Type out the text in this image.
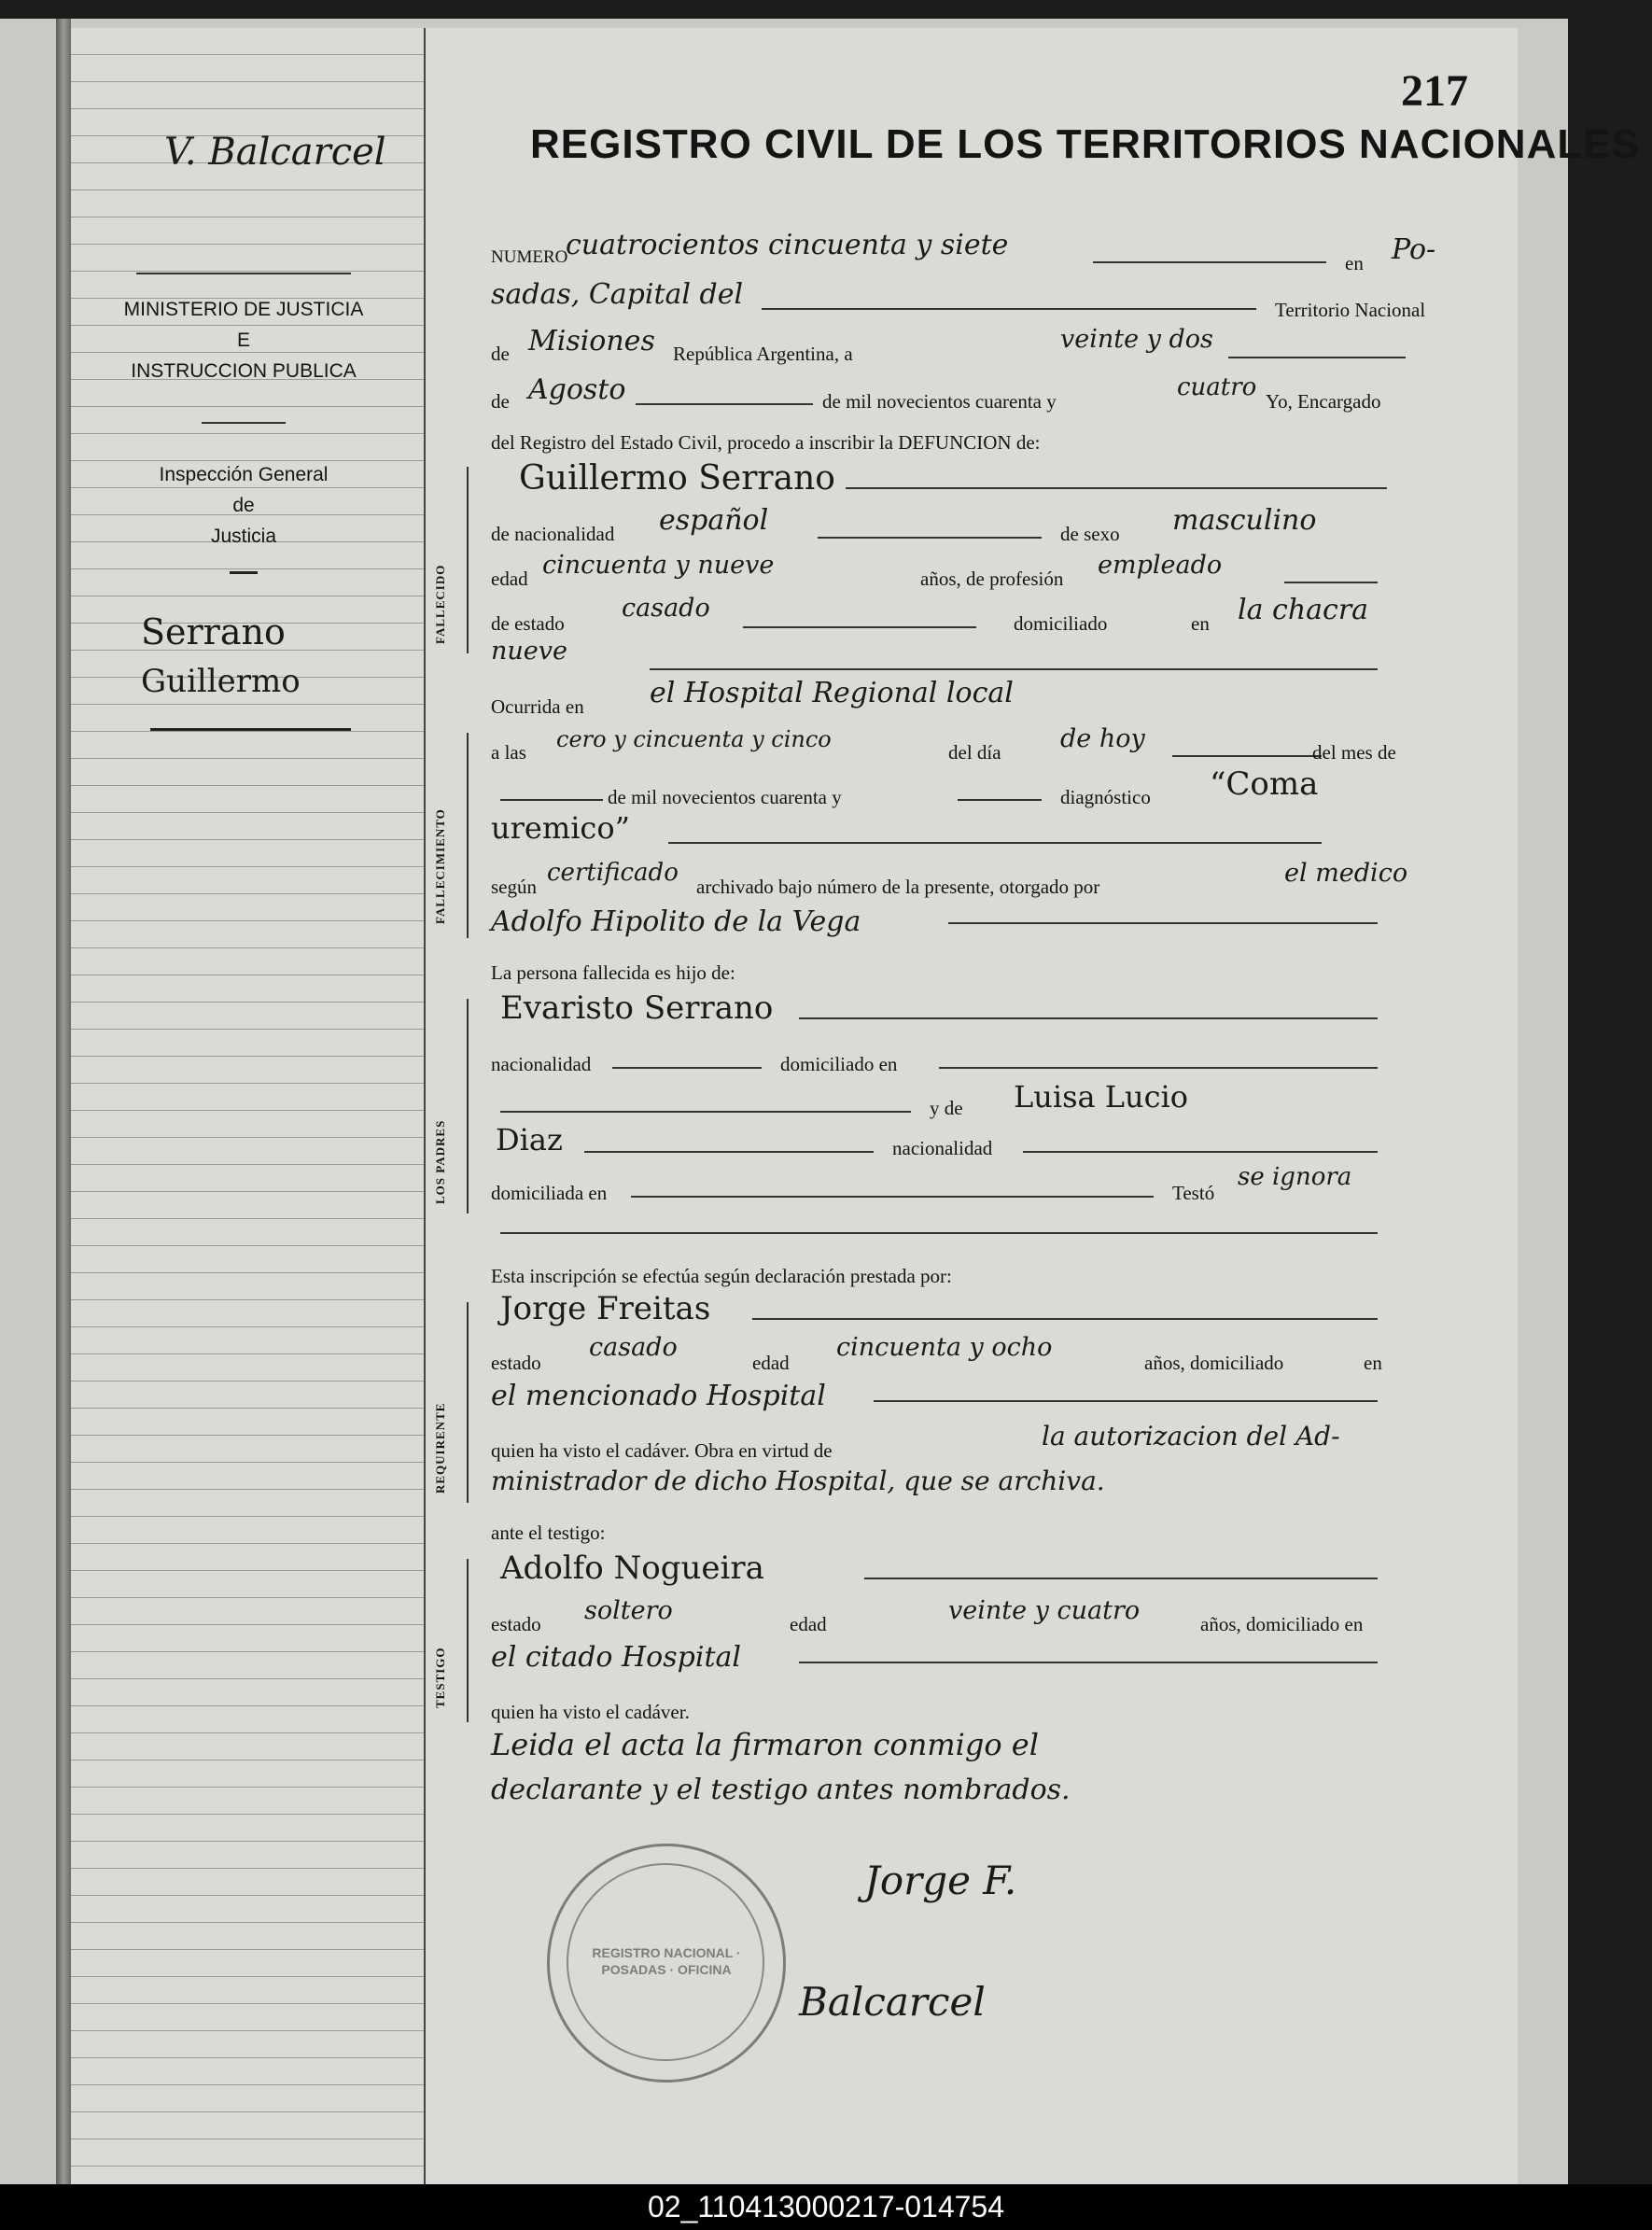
V. Balcarcel
MINISTERIO DE JUSTICIA
E
INSTRUCCION PUBLICA
Inspección General
de
Justicia
Serrano
Guillermo
217
REGISTRO CIVIL DE LOS TERRITORIOS NACIONALES
NUMERO
cuatrocientos cincuenta y siete
en Po-
sadas, Capital del	Territorio Nacional
de Misiones República Argentina, a	veinte y dos
de Agosto	de mil novecientos cuarenta y	cuatro Yo, Encargado
del Registro del Estado Civil, procedo a inscribir la DEFUNCION de:
FALLECIDO
Guillermo Serrano
de nacionalidad español	de sexo masculino
edad cincuenta y nueve	años, de profesión empleado
de estado
casado
domiciliado	en la chacra
nueve
Ocurrida en el Hospital Regional local
FALLECIMIENTO
a las cero y cincuenta y cinco	del día de hoy	del mes de
de mil novecientos cuarenta y	diagnóstico “Coma
uremico”
según certificado archivado bajo número de la presente, otorgado por	el medico
Adolfo Hipolito de la Vega
La persona fallecida es hijo de:
LOS PADRES
Evaristo Serrano
nacionalidad	domiciliado en
y de Luisa Lucio
Diaz	nacionalidad
domiciliada en	Testó
se ignora
Esta inscripción se efectúa según declaración prestada por:
REQUIRENTE
Jorge Freitas
estado
casado
edad
cincuenta y ocho
años, domiciliado	en
el mencionado Hospital
quien ha visto el cadáver. Obra en virtud de	la autorizacion del Ad-
ministrador de dicho Hospital, que se archiva.
ante el testigo:
TESTIGO
Adolfo Nogueira
estado soltero	edad	veinte y cuatro	años, domiciliado en
el citado Hospital
quien ha visto el cadáver.
Leida el acta la firmaron conmigo el
declarante y el testigo antes nombrados.
REGISTRO NACIONAL · POSADAS · OFICINA
Jorge F.
Balcarcel
02_110413000217-014754
